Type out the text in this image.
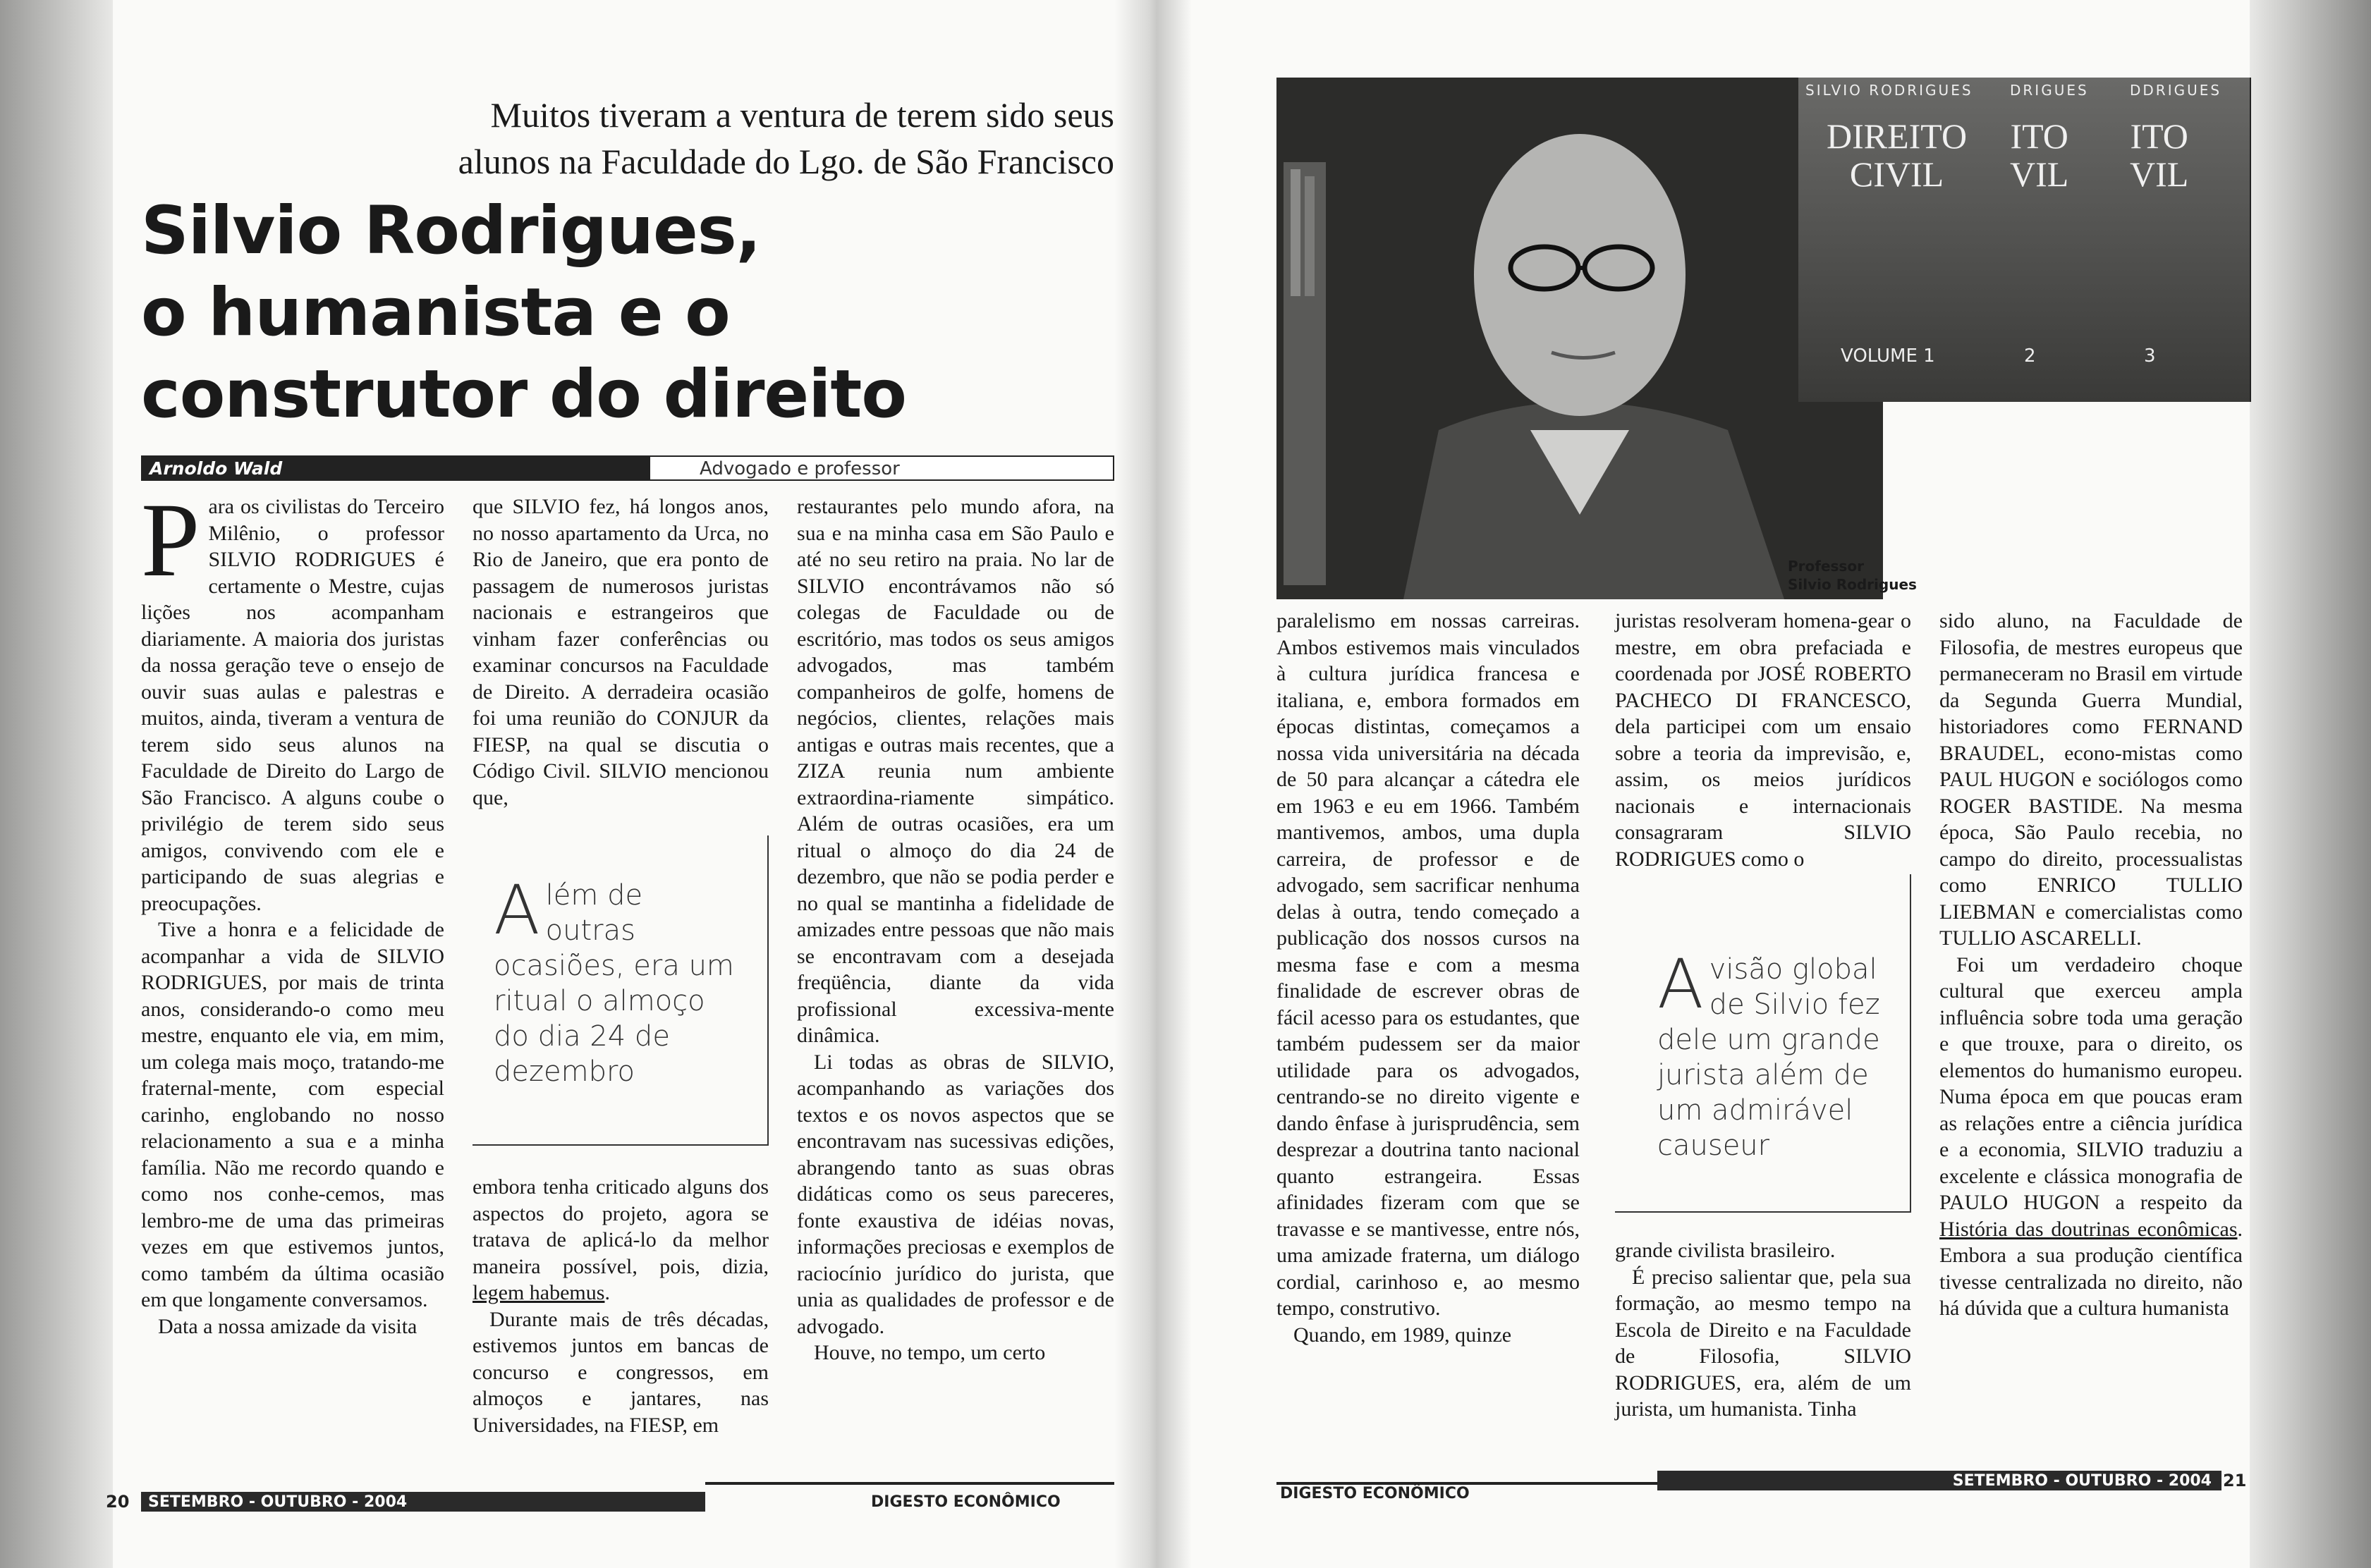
Muitos tiveram a ventura de terem sido seus
alunos na Faculdade do Lgo. de São Francisco
Silvio Rodrigues,
o humanista e o
construtor do direito
Arnoldo Wald	Advogado e professor

Para os civilistas do Terceiro Milênio, o professor SILVIO RODRIGUES é certamente o Mestre, cujas lições nos acompanham diariamente. A maioria dos juristas da nossa geração teve o ensejo de ouvir suas aulas e palestras e muitos, ainda, tiveram a ventura de terem sido seus alunos na Faculdade de Direito do Largo de São Francisco. A alguns coube o privilégio de terem sido seus amigos, convivendo com ele e participando de suas alegrias e preocupações.

Tive a honra e a felicidade de acompanhar a vida de SILVIO RODRIGUES, por mais de trinta anos, considerando-o como meu mestre, enquanto ele via, em mim, um colega mais moço, tratando-me fraternal-mente, com especial carinho, englobando no nosso relacionamento a sua e a minha família. Não me recordo quando e como nos conhe-cemos, mas lembro-me de uma das primeiras vezes em que estivemos juntos, como também da última ocasião em que longamente conversamos.

Data a nossa amizade da visita

que SILVIO fez, há longos anos, no nosso apartamento da Urca, no Rio de Janeiro, que era ponto de passagem de numerosos juristas nacionais e estrangeiros que vinham fazer conferências ou examinar concursos na Faculdade de Direito. A derradeira ocasião foi uma reunião do CONJUR da FIESP, na qual se discutia o Código Civil. SILVIO mencionou que,

Além de outras ocasiões, era um ritual o almoço do dia 24 de dezembro

embora tenha criticado alguns dos aspectos do projeto, agora se tratava de aplicá-lo da melhor maneira possível, pois, dizia, legem habemus.

Durante mais de três décadas, estivemos juntos em bancas de concurso e congressos, em almoços e jantares, nas Universidades, na FIESP, em

restaurantes pelo mundo afora, na sua e na minha casa em São Paulo e até no seu retiro na praia. No lar de SILVIO encontrávamos não só colegas de Faculdade ou de escritório, mas todos os seus amigos advogados, mas também companheiros de golfe, homens de negócios, clientes, relações mais antigas e outras mais recentes, que a ZIZA reunia num ambiente extraordina-riamente simpático. Além de outras ocasiões, era um ritual o almoço do dia 24 de dezembro, que não se podia perder e no qual se mantinha a fidelidade de amizades entre pessoas que não mais se encontravam com a desejada freqüência, diante da vida profissional excessiva-mente dinâmica.

Li todas as obras de SILVIO, acompanhando as variações dos textos e os novos aspectos que se encontravam nas sucessivas edições, abrangendo tanto as suas obras didáticas como os seus pareceres, fonte exaustiva de idéias novas, informações preciosas e exemplos de raciocínio jurídico do jurista, que unia as qualidades de professor e de advogado.

Houve, no tempo, um certo

20 SETEMBRO - OUTUBRO - 2004	DIGESTO ECONÔMICO
SILVIO RODRIGUES
DIREITO
CIVIL
VOLUME 1
DRIGUES
ITO
VIL
2
DDRIGUES
ITO
VIL
3
Professor
Silvio Rodrigues

paralelismo em nossas carreiras. Ambos estivemos mais vinculados à cultura jurídica francesa e italiana, e, embora formados em épocas distintas, começamos a nossa vida universitária na década de 50 para alcançar a cátedra ele em 1963 e eu em 1966. Também mantivemos, ambos, uma dupla carreira, de professor e de advogado, sem sacrificar nenhuma delas à outra, tendo começado a publicação dos nossos cursos na mesma fase e com a mesma finalidade de escrever obras de fácil acesso para os estudantes, que também pudessem ser da maior utilidade para os advogados, centrando-se no direito vigente e dando ênfase à jurisprudência, sem desprezar a doutrina tanto nacional quanto estrangeira. Essas afinidades fizeram com que se travasse e se mantivesse, entre nós, uma amizade fraterna, um diálogo cordial, carinhoso e, ao mesmo tempo, construtivo.

Quando, em 1989, quinze

juristas resolveram homena-gear o mestre, em obra prefaciada e coordenada por JOSÉ ROBERTO PACHECO DI FRANCESCO, dela participei com um ensaio sobre a teoria da imprevisão, e, assim, os meios jurídicos nacionais e internacionais consagraram SILVIO RODRIGUES como o

Avisão global de Silvio fez dele um grande jurista além de um admirável causeur

grande civilista brasileiro.

É preciso salientar que, pela sua formação, ao mesmo tempo na Escola de Direito e na Faculdade de Filosofia, SILVIO RODRIGUES, era, além de um jurista, um humanista. Tinha

sido aluno, na Faculdade de Filosofia, de mestres europeus que permaneceram no Brasil em virtude da Segunda Guerra Mundial, historiadores como FERNAND BRAUDEL, econo-mistas como PAUL HUGON e sociólogos como ROGER BASTIDE. Na mesma época, São Paulo recebia, no campo do direito, processualistas como ENRICO TULLIO LIEBMAN e comercialistas como TULLIO ASCARELLI.

Foi um verdadeiro choque cultural que exerceu ampla influência sobre toda uma geração e que trouxe, para o direito, os elementos do humanismo europeu. Numa época em que poucas eram as relações entre a ciência jurídica e a economia, SILVIO traduziu a excelente e clássica monografia de PAULO HUGON a respeito da História das doutrinas econômicas. Embora a sua produção científica tivesse centralizada no direito, não há dúvida que a cultura humanista

DIGESTO ECONÔMICO
SETEMBRO - OUTUBRO - 2004 21
